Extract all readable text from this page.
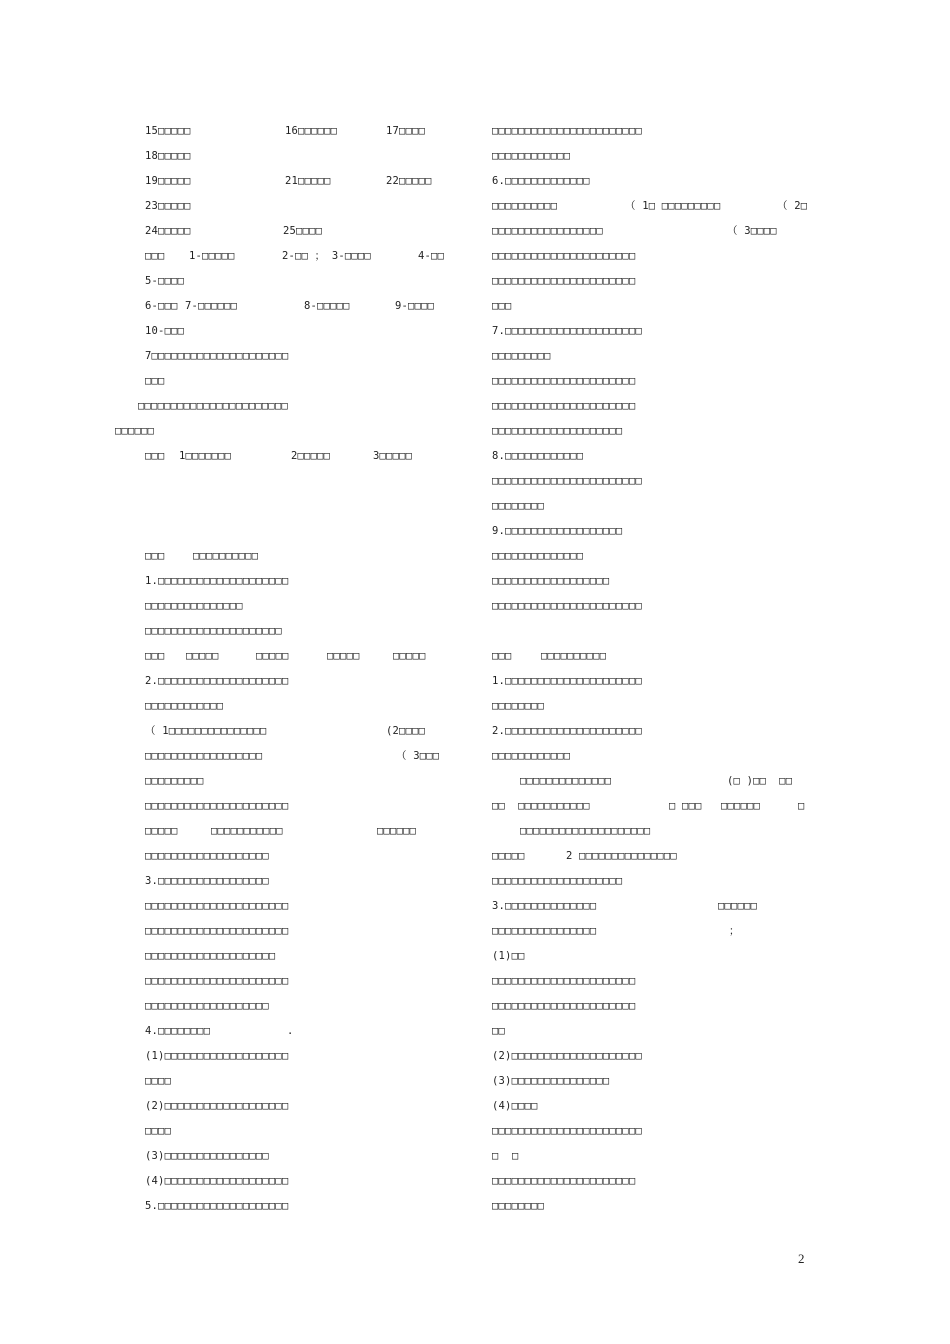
15□□□□□	16□□□□□□	17□□□□
18□□□□□
19□□□□□	21□□□□□	22□□□□□
23□□□□□
24□□□□□	25□□□□
□□□ 1-□□□□□	2-□□ ； 3-□□□□	4-□□
5-□□□□
6-□□□ 7-□□□□□□	8-□□□□□	9-□□□□
10-□□□
7□□□□□□□□□□□□□□□□□□□□□
□□□
□□□□□□□□□□□□□□□□□□□□□□□
□□□□□□
□□□ 1□□□□□□□	2□□□□□	3□□□□□
□□□	□□□□□□□□□□
1.□□□□□□□□□□□□□□□□□□□□
□□□□□□□□□□□□□□□
□□□□□□□□□□□□□□□□□□□□□
□□□ □□□□□	□□□□□	□□□□□	□□□□□
2.□□□□□□□□□□□□□□□□□□□□
□□□□□□□□□□□□
（ 1□□□□□□□□□□□□□□□	(2□□□□
□□□□□□□□□□□□□□□□□□	（ 3□□□
□□□□□□□□□
□□□□□□□□□□□□□□□□□□□□□□
□□□□□	□□□□□□□□□□□	□□□□□□
□□□□□□□□□□□□□□□□□□□
3.□□□□□□□□□□□□□□□□□
□□□□□□□□□□□□□□□□□□□□□□
□□□□□□□□□□□□□□□□□□□□□□
□□□□□□□□□□□□□□□□□□□□
□□□□□□□□□□□□□□□□□□□□□□
□□□□□□□□□□□□□□□□□□□
4.□□□□□□□□	.
(1)□□□□□□□□□□□□□□□□□□□
□□□□
(2)□□□□□□□□□□□□□□□□□□□
□□□□
(3)□□□□□□□□□□□□□□□□
(4)□□□□□□□□□□□□□□□□□□□
5.□□□□□□□□□□□□□□□□□□□□
□□□□□□□□□□□□□□□□□□□□□□□
□□□□□□□□□□□□
6.□□□□□□□□□□□□□
□□□□□□□□□□	（ 1□ □□□□□□□□□	（ 2□
□□□□□□□□□□□□□□□□□	（ 3□□□□
□□□□□□□□□□□□□□□□□□□□□□
□□□□□□□□□□□□□□□□□□□□□□
□□□
7.□□□□□□□□□□□□□□□□□□□□□
□□□□□□□□□
□□□□□□□□□□□□□□□□□□□□□□
□□□□□□□□□□□□□□□□□□□□□□
□□□□□□□□□□□□□□□□□□□□
8.□□□□□□□□□□□□
□□□□□□□□□□□□□□□□□□□□□□□
□□□□□□□□
9.□□□□□□□□□□□□□□□□□□
□□□□□□□□□□□□□□
□□□□□□□□□□□□□□□□□□
□□□□□□□□□□□□□□□□□□□□□□□
□□□	□□□□□□□□□□
1.□□□□□□□□□□□□□□□□□□□□□
□□□□□□□□
2.□□□□□□□□□□□□□□□□□□□□□
□□□□□□□□□□□□
□□□□□□□□□□□□□□	(□ )□□  □□
□□  □□□□□□□□□□□	□ □□□ □□□□□□	□
□□□□□□□□□□□□□□□□□□□□
□□□□□	2 □□□□□□□□□□□□□□□
□□□□□□□□□□□□□□□□□□□□
3.□□□□□□□□□□□□□□	□□□□□□
□□□□□□□□□□□□□□□□	；
(1)□□
□□□□□□□□□□□□□□□□□□□□□□
□□□□□□□□□□□□□□□□□□□□□□
□□
(2)□□□□□□□□□□□□□□□□□□□□
(3)□□□□□□□□□□□□□□□
(4)□□□□
□□□□□□□□□□□□□□□□□□□□□□□
□ □
□□□□□□□□□□□□□□□□□□□□□□
□□□□□□□□
2
